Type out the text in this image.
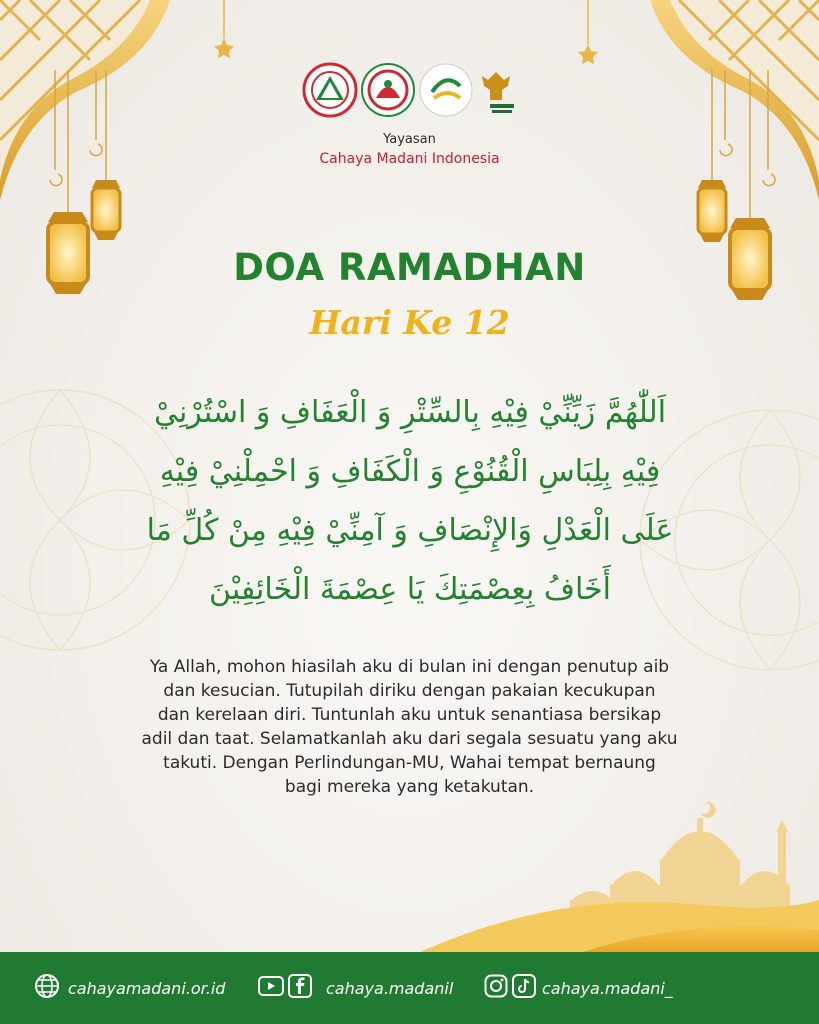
Yayasan
Cahaya Madani Indonesia
DOA RAMADHAN
Hari Ke 12
اَللّٰهُمَّ زَيِّنِّيْ فِيْهِ بِالسِّتْرِ وَ الْعَفَافِ وَ اسْتُرْنِيْ
فِيْهِ بِلِبَاسِ الْقُنُوْعِ وَ الْكَفَافِ وَ احْمِلْنِيْ فِيْهِ
عَلَى الْعَدْلِ وَالإِنْصَافِ وَ آمِنِّيْ فِيْهِ مِنْ كُلِّ مَا
أَخَافُ بِعِصْمَتِكَ يَا عِصْمَةَ الْخَائِفِيْنَ
Ya Allah, mohon hiasilah aku di bulan ini dengan penutup aib
dan kesucian. Tutupilah diriku dengan pakaian kecukupan
dan kerelaan diri. Tuntunlah aku untuk senantiasa bersikap
adil dan taat. Selamatkanlah aku dari segala sesuatu yang aku
takuti. Dengan Perlindungan-MU, Wahai tempat bernaung
bagi mereka yang ketakutan.
cahayamadani.or.id	cahaya.madanil	cahaya.madani_
